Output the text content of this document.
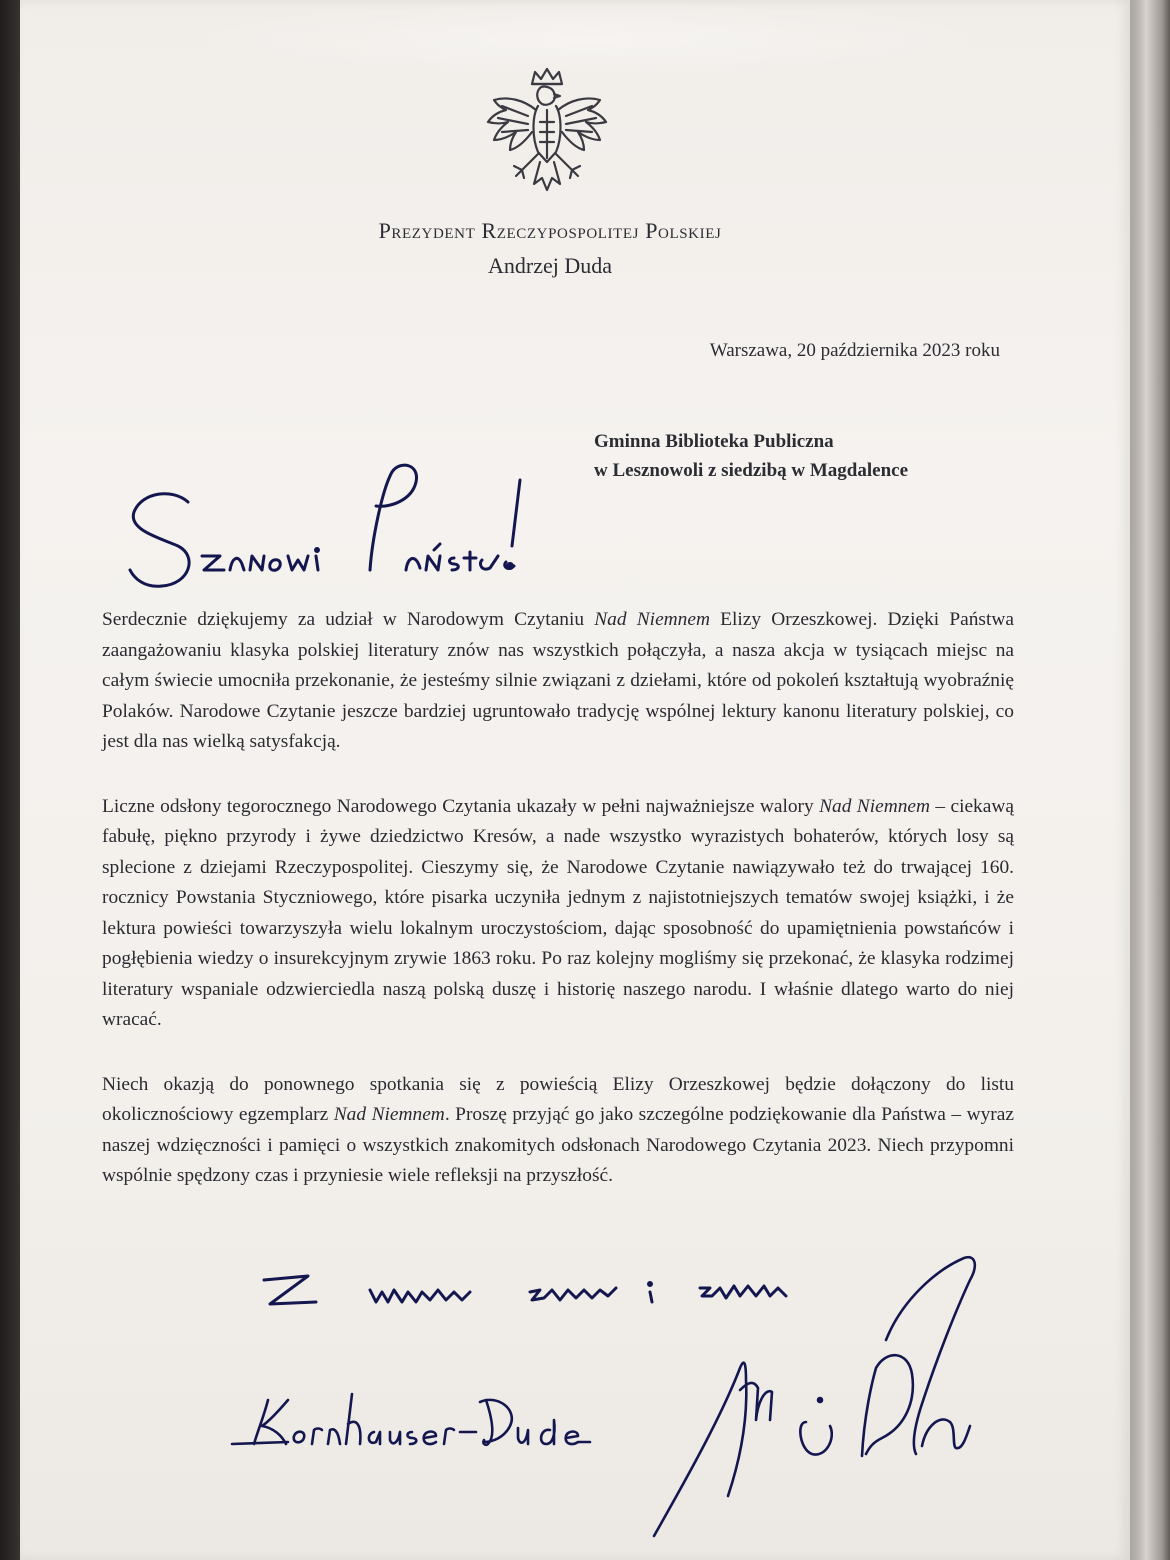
Prezydent Rzeczypospolitej Polskiej
Andrzej Duda
Warszawa, 20 października 2023 roku
Gminna Biblioteka Publiczna
w Lesznowoli z siedzibą w Magdalence

Serdecznie dziękujemy za udział w Narodowym Czytaniu Nad Niemnem Elizy Orzeszkowej. Dzięki Państwa zaangażowaniu klasyka polskiej literatury znów nas wszystkich połączyła, a nasza akcja w tysiącach miejsc na całym świecie umocniła przekonanie, że jesteśmy silnie związani z dziełami, które od pokoleń kształtują wyobraźnię Polaków. Narodowe Czytanie jeszcze bardziej ugruntowało tradycję wspólnej lektury kanonu literatury polskiej, co jest dla nas wielką satysfakcją.

Liczne odsłony tegorocznego Narodowego Czytania ukazały w pełni najważniejsze walory Nad Niemnem – ciekawą fabułę, piękno przyrody i żywe dziedzictwo Kresów, a nade wszystko wyrazistych bohaterów, których losy są splecione z dziejami Rzeczypospolitej. Cieszymy się, że Narodowe Czytanie nawiązywało też do trwającej 160. rocznicy Powstania Styczniowego, które pisarka uczyniła jednym z najistotniejszych tematów swojej książki, i że lektura powieści towarzyszyła wielu lokalnym uroczystościom, dając sposobność do upamiętnienia powstańców i pogłębienia wiedzy o insurekcyjnym zrywie 1863 roku. Po raz kolejny mogliśmy się przekonać, że klasyka rodzimej literatury wspaniale odzwierciedla naszą polską duszę i historię naszego narodu. I właśnie dlatego warto do niej wracać.

Niech okazją do ponownego spotkania się z powieścią Elizy Orzeszkowej będzie dołączony do listu okolicznościowy egzemplarz Nad Niemnem. Proszę przyjąć go jako szczególne podziękowanie dla Państwa – wyraz naszej wdzięczności i pamięci o wszystkich znakomitych odsłonach Narodowego Czytania 2023. Niech przypomni wspólnie spędzony czas i przyniesie wiele refleksji na przyszłość.
